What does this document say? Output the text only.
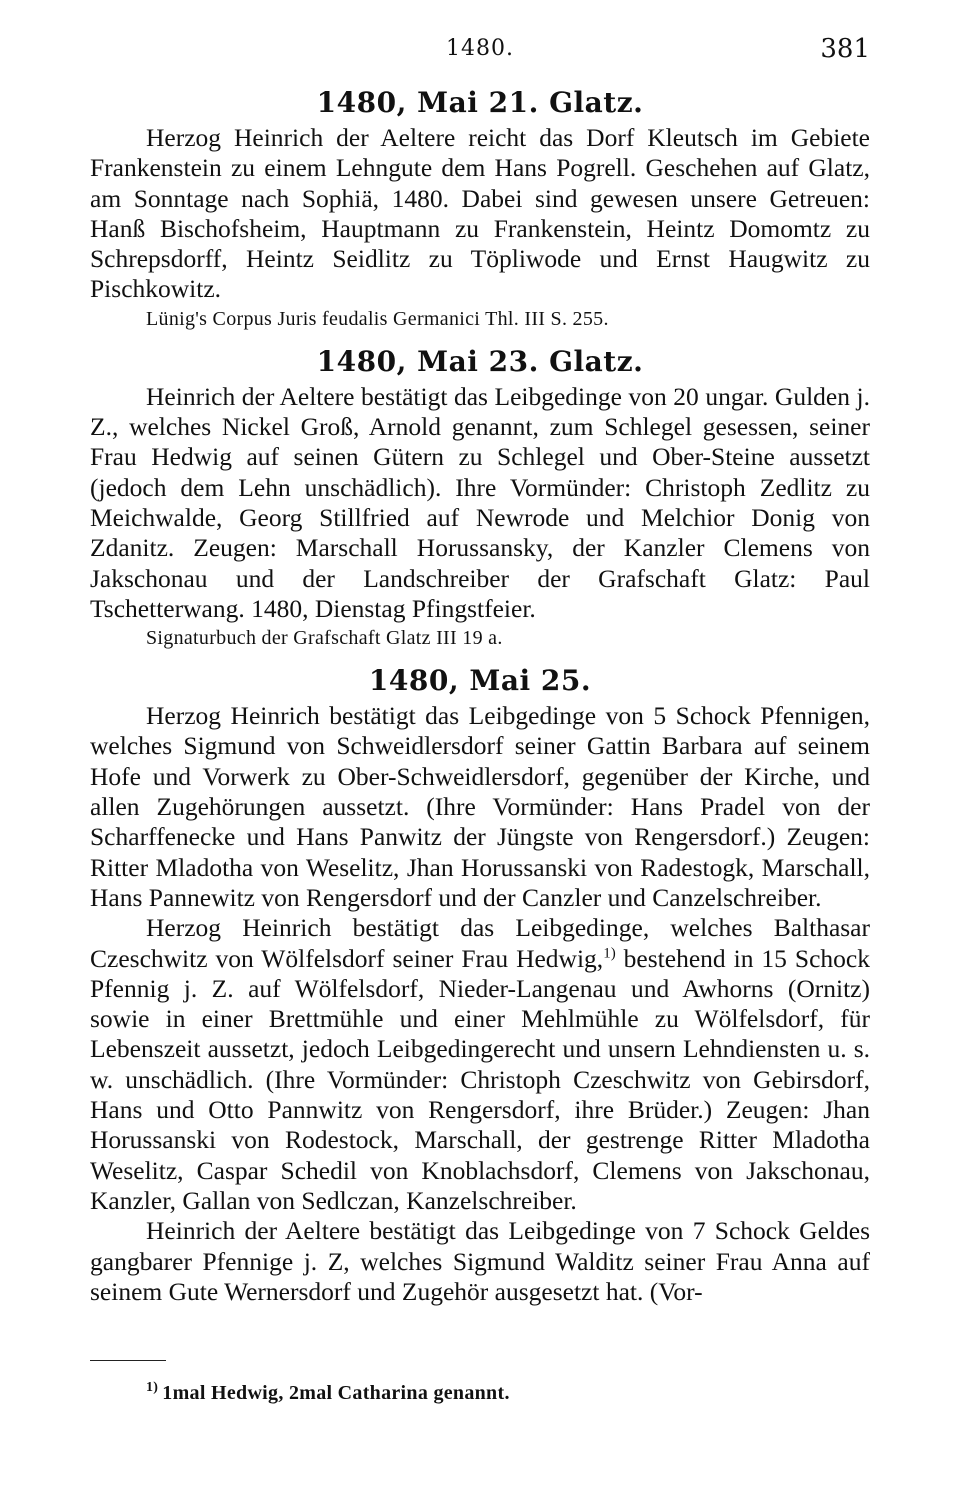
1480.	381
1480, Mai 21. Glatz.

Herzog Heinrich der Aeltere reicht das Dorf Kleutsch im Gebiete Frankenstein zu einem Lehngute dem Hans Pogrell. Geschehen auf Glatz, am Sonntage nach Sophiä, 1480. Dabei sind gewesen unsere Getreuen: Hanß Bischofsheim, Hauptmann zu Frankenstein, Heintz Domomtz zu Schrepsdorff, Heintz Seidlitz zu Töpliwode und Ernst Haugwitz zu Pischkowitz.

Lünig's Corpus Juris feudalis Germanici Thl. III S. 255.

1480, Mai 23. Glatz.

Heinrich der Aeltere bestätigt das Leibgedinge von 20 ungar. Gulden j. Z., welches Nickel Groß, Arnold genannt, zum Schlegel gesessen, seiner Frau Hedwig auf seinen Gütern zu Schlegel und Ober-Steine aussetzt (jedoch dem Lehn unschädlich). Ihre Vormünder: Christoph Zedlitz zu Meichwalde, Georg Stillfried auf Newrode und Melchior Donig von Zdanitz. Zeugen: Marschall Horussansky, der Kanzler Clemens von Jakschonau und der Landschreiber der Grafschaft Glatz: Paul Tschetterwang. 1480, Dienstag Pfingstfeier.

Signaturbuch der Grafschaft Glatz III 19 a.

1480, Mai 25.

Herzog Heinrich bestätigt das Leibgedinge von 5 Schock Pfennigen, welches Sigmund von Schweidlersdorf seiner Gattin Barbara auf seinem Hofe und Vorwerk zu Ober-Schweidlersdorf, gegenüber der Kirche, und allen Zugehörungen aussetzt. (Ihre Vormünder: Hans Pradel von der Scharffenecke und Hans Panwitz der Jüngste von Rengersdorf.) Zeugen: Ritter Mladotha von Weselitz, Jhan Horussanski von Radestogk, Marschall, Hans Pannewitz von Rengersdorf und der Canzler und Canzelschreiber.

Herzog Heinrich bestätigt das Leibgedinge, welches Balthasar Czeschwitz von Wölfelsdorf seiner Frau Hedwig,$^{1)}$ bestehend in 15 Schock Pfennig j. Z. auf Wölfelsdorf, Nieder-Langenau und Awhorns (Ornitz) sowie in einer Brettmühle und einer Mehlmühle zu Wölfelsdorf, für Lebenszeit aussetzt, jedoch Leibgedingerecht und unsern Lehndiensten u. s. w. unschädlich. (Ihre Vormünder: Christoph Czeschwitz von Gebirsdorf, Hans und Otto Pannwitz von Rengersdorf, ihre Brüder.) Zeugen: Jhan Horussanski von Rodestock, Marschall, der gestrenge Ritter Mladotha Weselitz, Caspar Schedil von Knoblachsdorf, Clemens von Jakschonau, Kanzler, Gallan von Sedlczan, Kanzelschreiber.

Heinrich der Aeltere bestätigt das Leibgedinge von 7 Schock Geldes gangbarer Pfennige j. Z, welches Sigmund Walditz seiner Frau Anna auf seinem Gute Wernersdorf und Zugehör ausgesetzt hat. (Vor-

$^{1)}$ 1mal Hedwig, 2mal Catharina genannt.
